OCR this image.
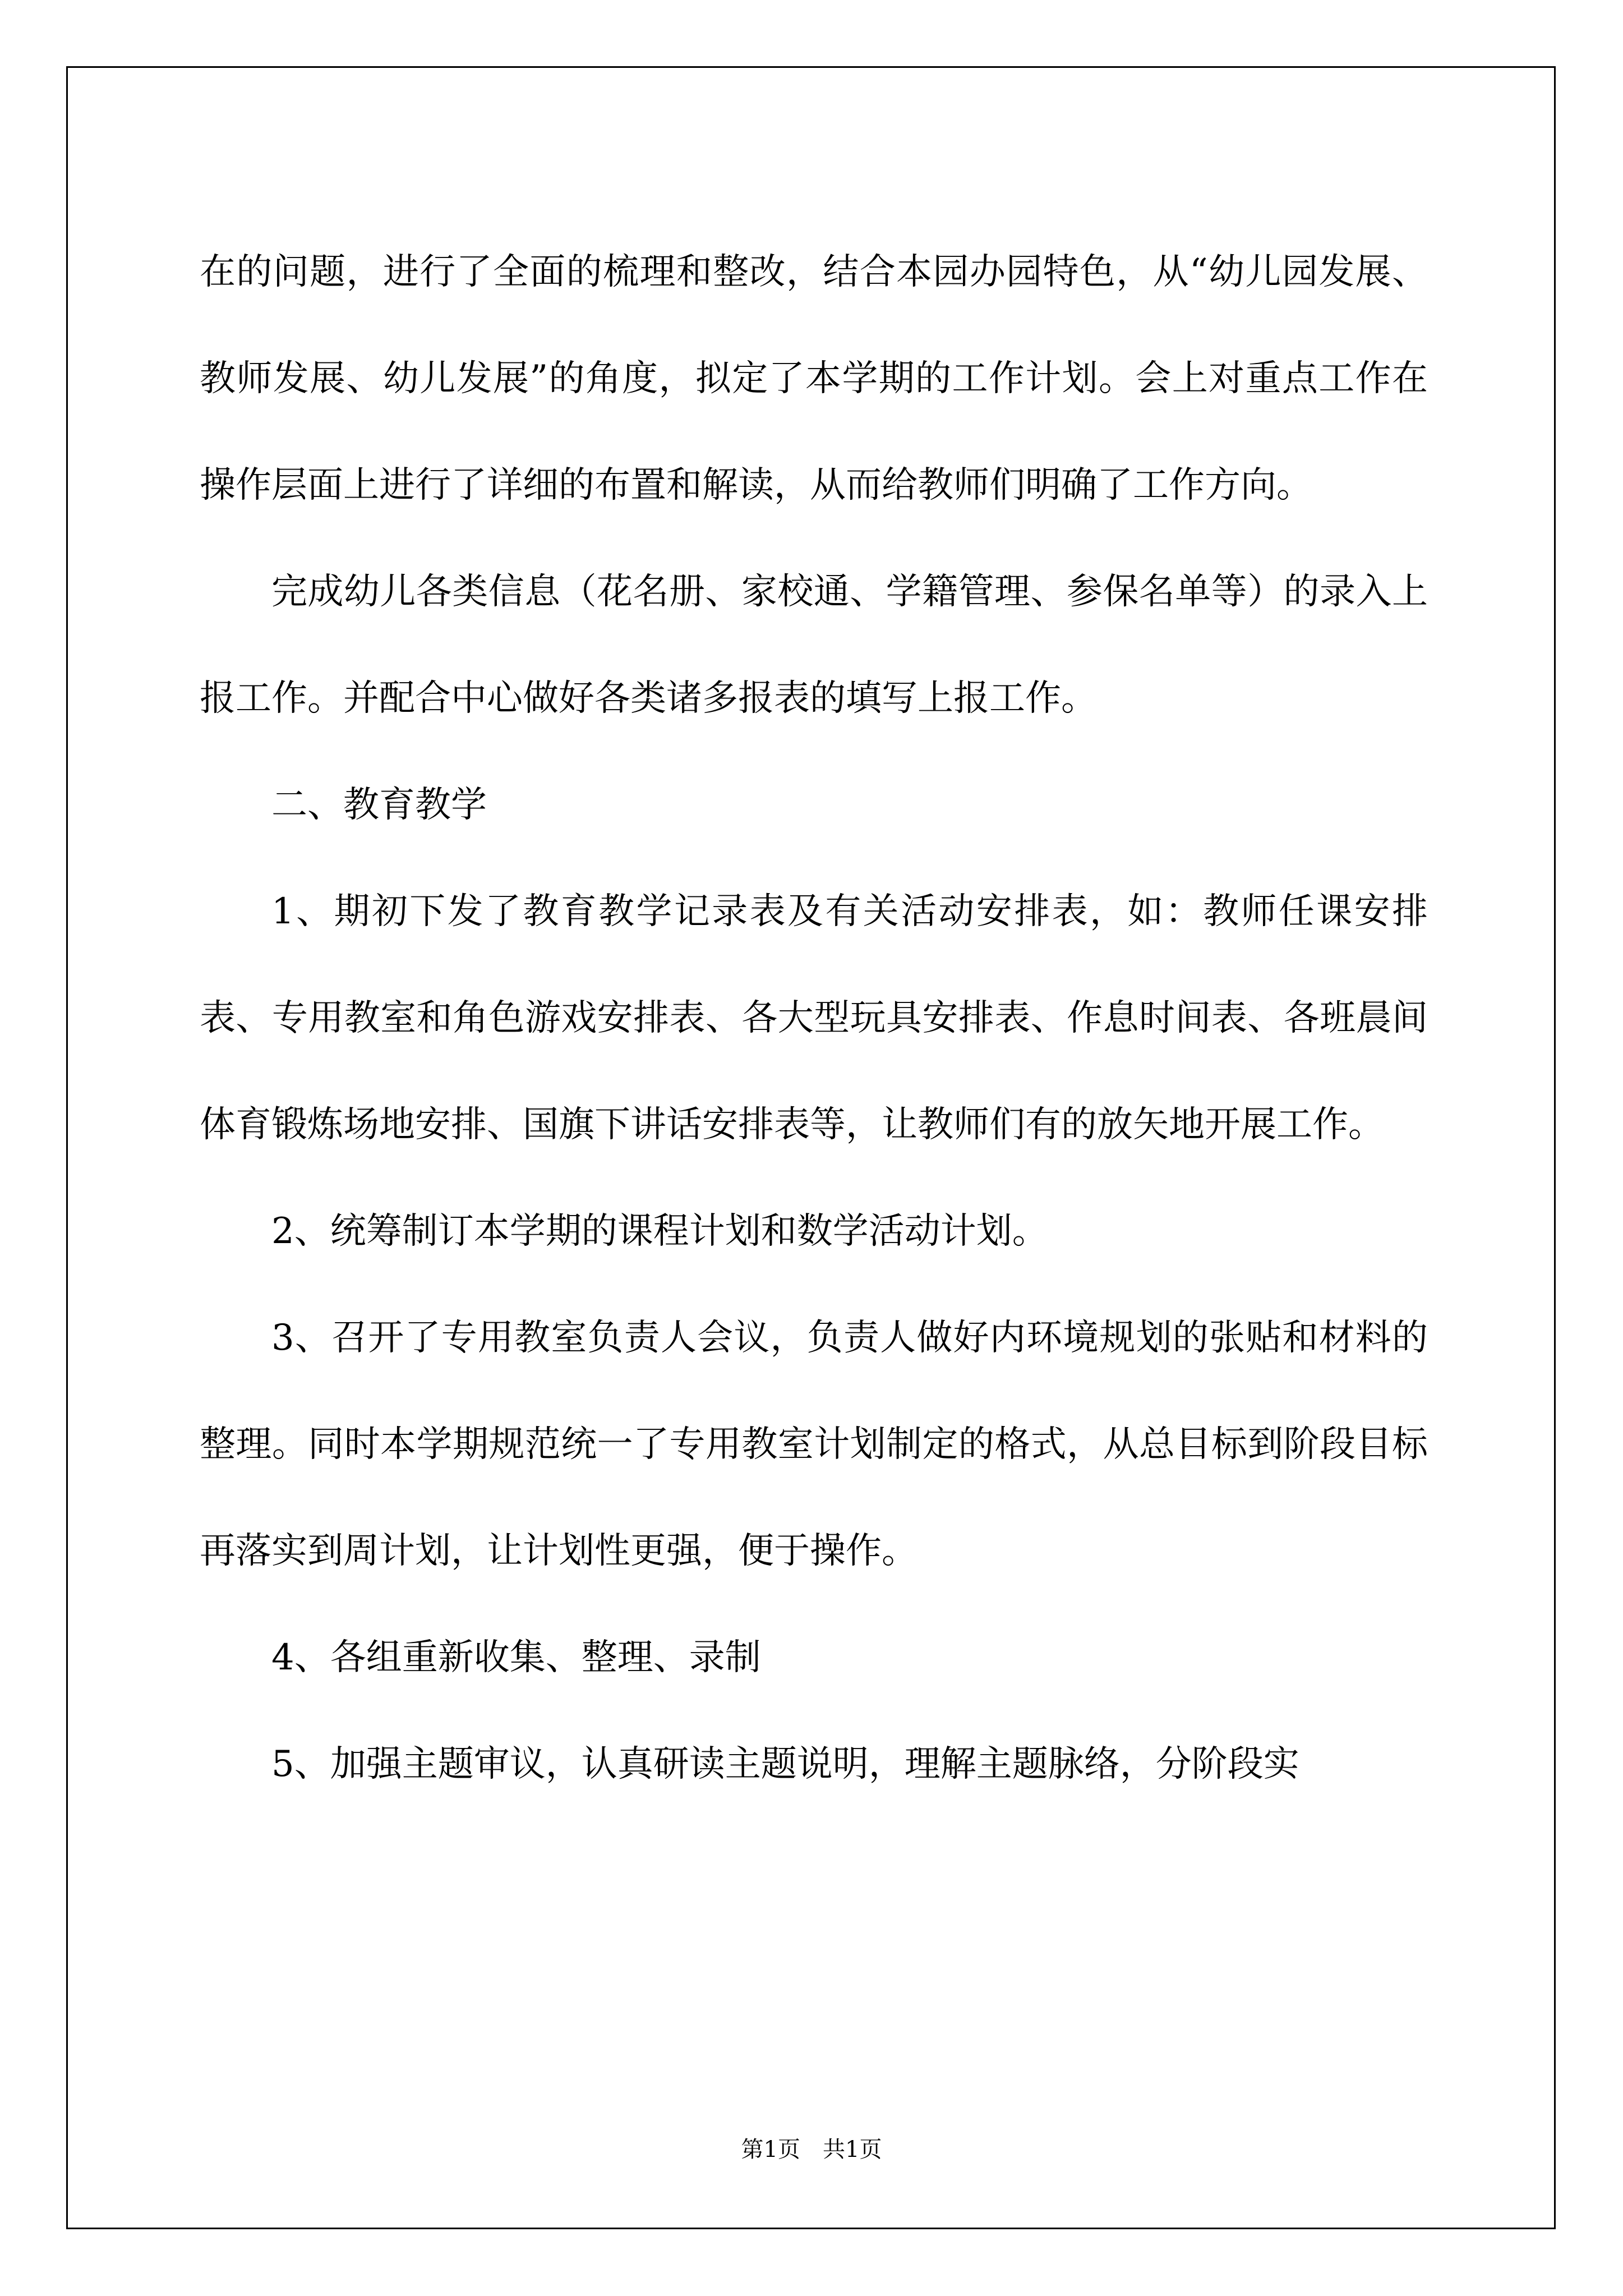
在的问题，进行了全面的梳理和整改，结合本园办园特色，从“幼儿园发展、教师发展、幼儿发展”的角度，拟定了本学期的工作计划。会上对重点工作在操作层面上进行了详细的布置和解读，从而给教师们明确了工作方向。

完成幼儿各类信息（花名册、家校通、学籍管理、参保名单等）的录入上报工作。并配合中心做好各类诸多报表的填写上报工作。

二、教育教学

1、期初下发了教育教学记录表及有关活动安排表，如：教师任课安排表、专用教室和角色游戏安排表、各大型玩具安排表、作息时间表、各班晨间体育锻炼场地安排、国旗下讲话安排表等，让教师们有的放矢地开展工作。

2、统筹制订本学期的课程计划和数学活动计划。

3、召开了专用教室负责人会议，负责人做好内环境规划的张贴和材料的整理。同时本学期规范统一了专用教室计划制定的格式，从总目标到阶段目标再落实到周计划，让计划性更强，便于操作。

4、各组重新收集、整理、录制

5、加强主题审议，认真研读主题说明，理解主题脉络，分阶段实

第1页　共1页
